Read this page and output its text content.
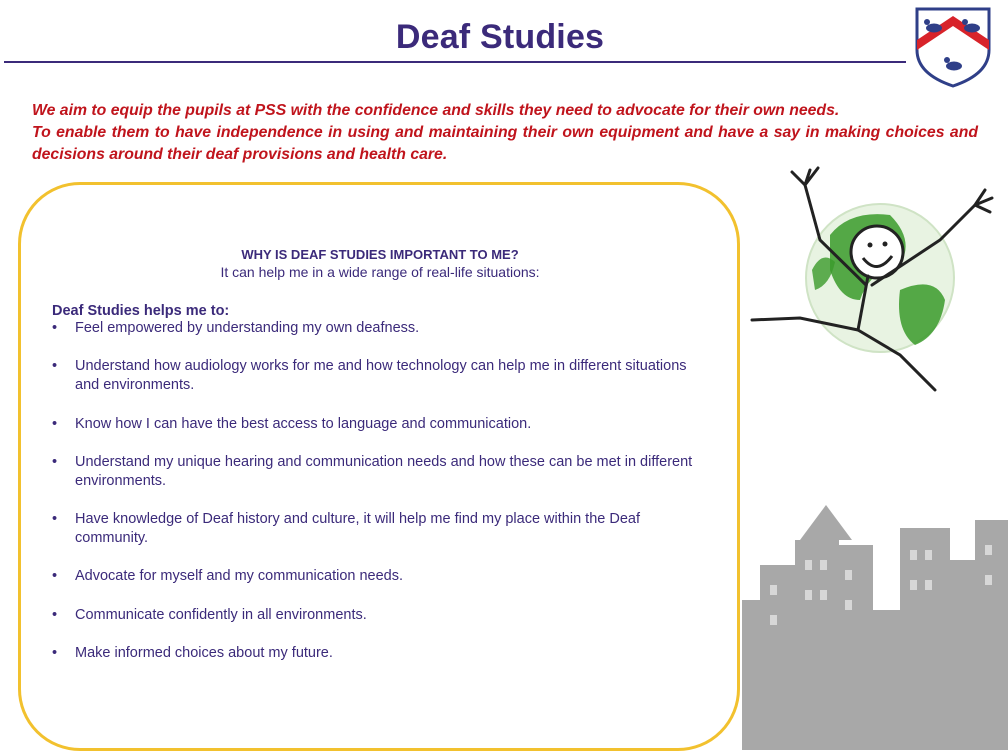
Deaf Studies

We aim to equip the pupils at PSS with the confidence and skills they need to advocate for their own needs.

To enable them to have independence in using and maintaining their own equipment and have a say in making choices and decisions around their deaf provisions and health care.

WHY IS DEAF STUDIES IMPORTANT TO ME?
It can help me in a wide range of real-life situations:
Deaf Studies helps me to:
• Feel empowered by understanding my own deafness.
• Understand how audiology works for me and how technology can help me in different situations and environments.
• Know how I can have the best access to language and communication.
• Understand my unique hearing and communication needs and how these can be met in different environments.
• Have knowledge of Deaf history and culture, it will help me find my place within the Deaf community.
• Advocate for myself and my communication needs.
• Communicate confidently in all environments.
• Make informed choices about my future.
